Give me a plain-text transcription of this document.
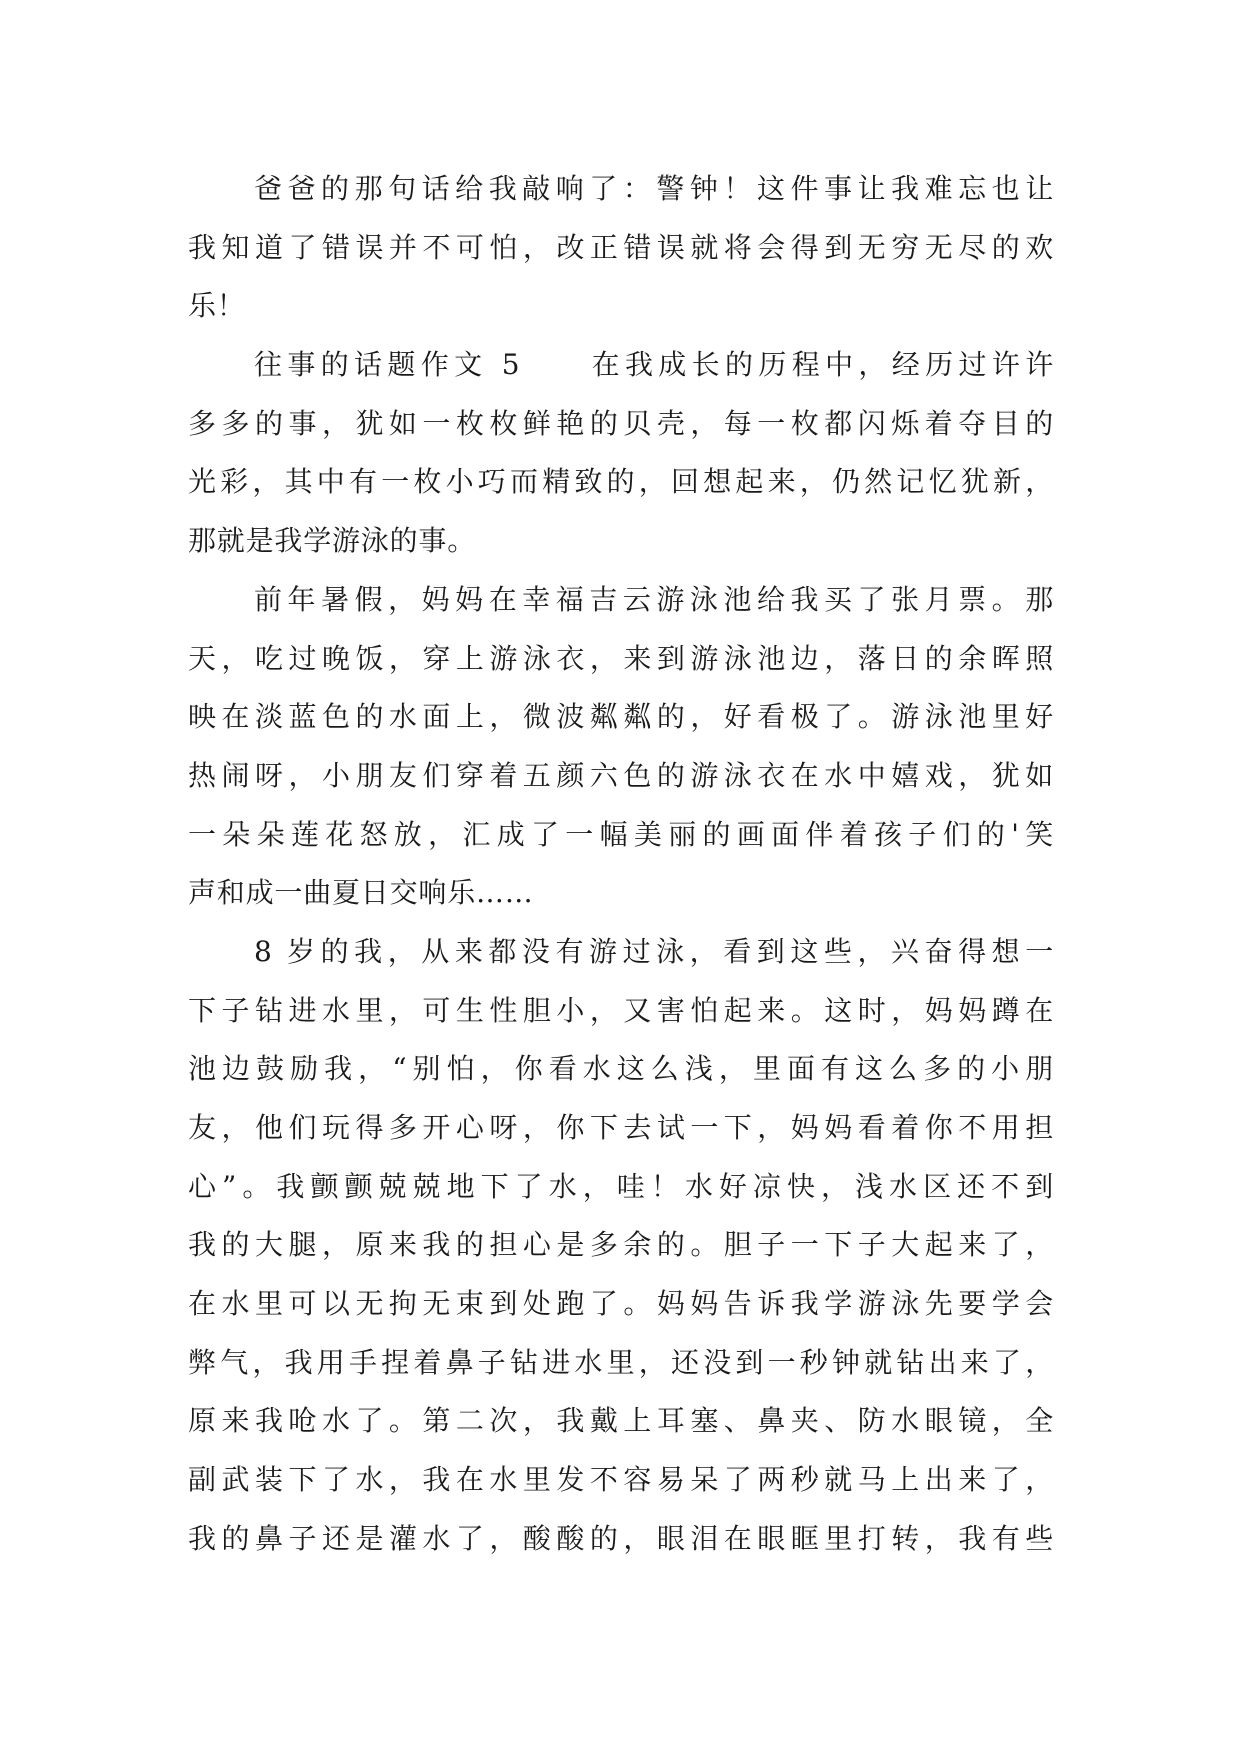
爸爸的那句话给我敲响了：警钟！这件事让我难忘也让
我知道了错误并不可怕，改正错误就将会得到无穷无尽的欢
乐！
往事的话题作文 5　　在我成长的历程中，经历过许许
多多的事，犹如一枚枚鲜艳的贝壳，每一枚都闪烁着夺目的
光彩，其中有一枚小巧而精致的，回想起来，仍然记忆犹新，
那就是我学游泳的事。
前年暑假，妈妈在幸福吉云游泳池给我买了张月票。那
天，吃过晚饭，穿上游泳衣，来到游泳池边，落日的余晖照
映在淡蓝色的水面上，微波粼粼的，好看极了。游泳池里好
热闹呀，小朋友们穿着五颜六色的游泳衣在水中嬉戏，犹如
一朵朵莲花怒放，汇成了一幅美丽的画面伴着孩子们的'笑
声和成一曲夏日交响乐……
8 岁的我，从来都没有游过泳，看到这些，兴奋得想一
下子钻进水里，可生性胆小，又害怕起来。这时，妈妈蹲在
池边鼓励我，“别怕，你看水这么浅，里面有这么多的小朋
友，他们玩得多开心呀，你下去试一下，妈妈看着你不用担
心”。我颤颤兢兢地下了水，哇！水好凉快，浅水区还不到
我的大腿，原来我的担心是多余的。胆子一下子大起来了，
在水里可以无拘无束到处跑了。妈妈告诉我学游泳先要学会
弊气，我用手捏着鼻子钻进水里，还没到一秒钟就钻出来了，
原来我呛水了。第二次，我戴上耳塞、鼻夹、防水眼镜，全
副武装下了水，我在水里发不容易呆了两秒就马上出来了，
我的鼻子还是灌水了，酸酸的，眼泪在眼眶里打转，我有些
